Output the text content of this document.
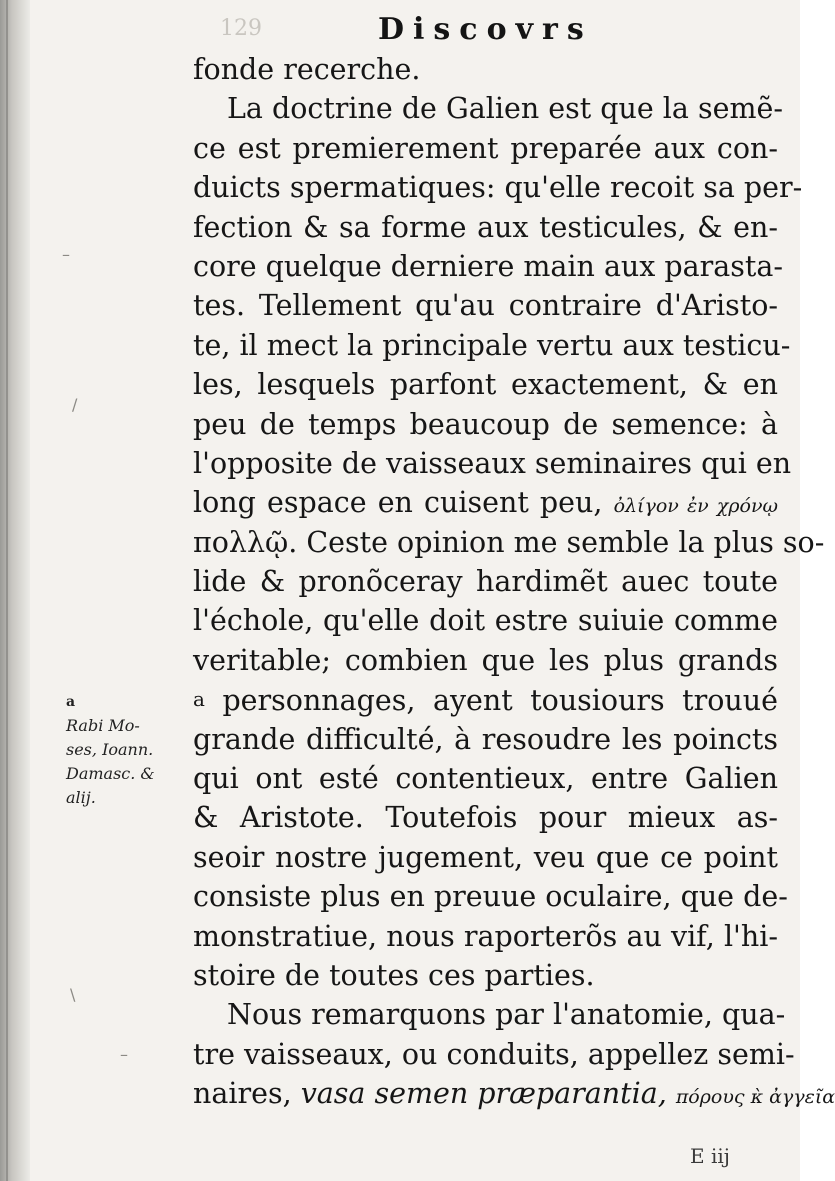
129	Discovrs
fonde recerche.
La doctrine de Galien est que la semẽ-
ce est premierement preparée aux con-
duicts spermatiques: qu'elle recoit sa per-
fection & sa forme aux testicules, & en-
core quelque derniere main aux parasta-
tes. Tellement qu'au contraire d'Aristo-
te, il mect la principale vertu aux testicu-
les, lesquels parfont exactement, & en
peu de temps beaucoup de semence: à
l'opposite de vaisseaux seminaires qui en
long espace en cuisent peu, ὀλίγον ἐν χρόνῳ
πολλῷ. Ceste opinion me semble la plus so-
lide & pronõceray hardimẽt auec toute
l'échole, qu'elle doit estre suiuie comme
veritable; combien que les plus grands
a personnages, ayent tousiours trouué
grande difficulté, à resoudre les poincts
qui ont esté contentieux, entre Galien
& Aristote. Toutefois pour mieux as-
seoir nostre jugement, veu que ce point
consiste plus en preuue oculaire, que de-
monstratiue, nous raporterõs au vif, l'hi-
stoire de toutes ces parties.
Nous remarquons par l'anatomie, qua-
tre vaisseaux, ou conduits, appellez semi-
naires, vasa semen præparantia, πόρους κ̀ ἀγγεῖα
a
Rabi Mo-
ses, Ioann.
Damasc. &
alij.
E iij
–
/
\
–
